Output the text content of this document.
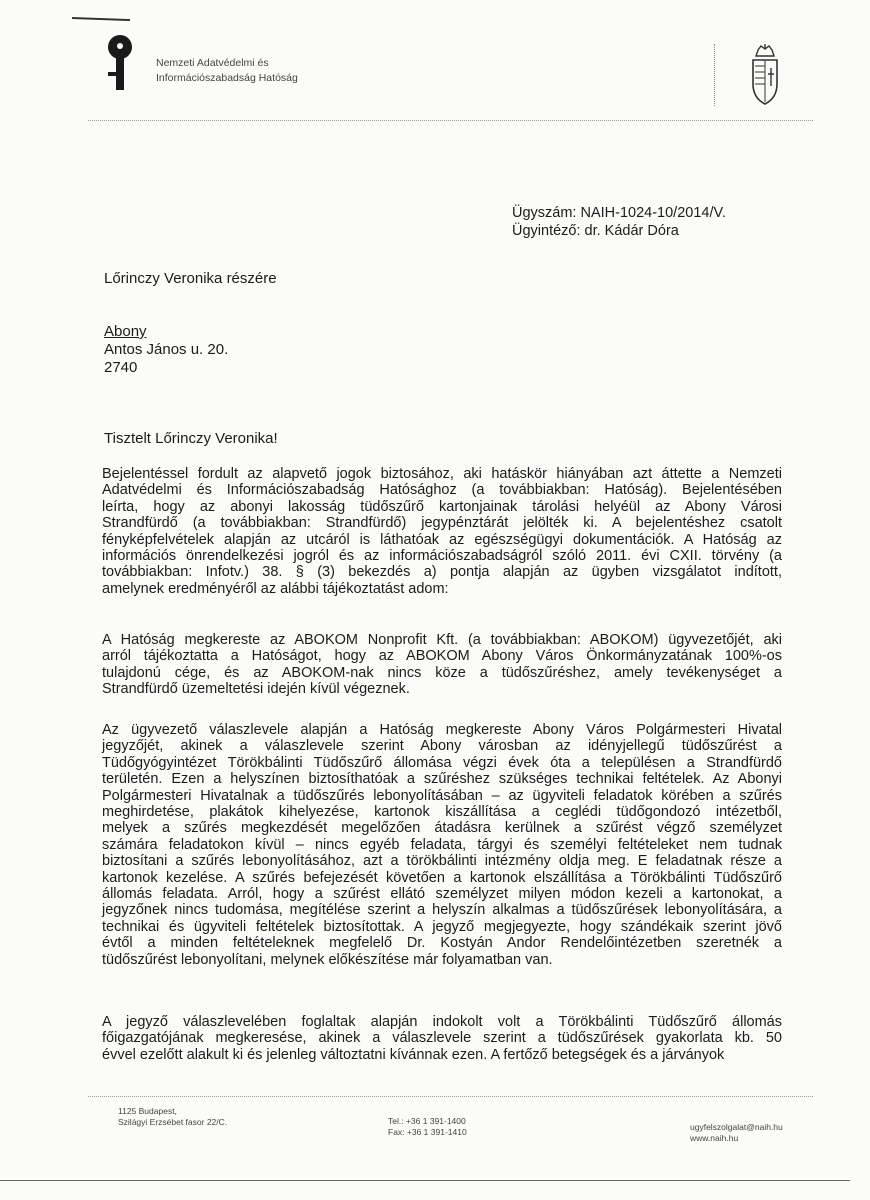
Nemzeti Adatvédelmi és
Információszabadság Hatóság
Ügyszám: NAIH-1024-10/2014/V.
Ügyintéző: dr. Kádár Dóra
Lőrinczy Veronika részére
Abony
Antos János u. 20.
2740
Tisztelt Lőrinczy Veronika!
Bejelentéssel fordult az alapvető jogok biztosához, aki hatáskör hiányában azt áttette a Nemzeti
Adatvédelmi és Információszabadság Hatósághoz (a továbbiakban: Hatóság). Bejelentésében
leírta, hogy az abonyi lakosság tüdőszűrő kartonjainak tárolási helyéül az Abony Városi
Strandfürdő (a továbbiakban: Strandfürdő) jegypénztárát jelölték ki. A bejelentéshez csatolt
fényképfelvételek alapján az utcáról is láthatóak az egészségügyi dokumentációk. A Hatóság az
információs önrendelkezési jogról és az információszabadságról szóló 2011. évi CXII. törvény (a
továbbiakban: Infotv.) 38. § (3) bekezdés a) pontja alapján az ügyben vizsgálatot indított,
amelynek eredményéről az alábbi tájékoztatást adom:
A Hatóság megkereste az ABOKOM Nonprofit Kft. (a továbbiakban: ABOKOM) ügyvezetőjét, aki
arról tájékoztatta a Hatóságot, hogy az ABOKOM Abony Város Önkormányzatának 100%-os
tulajdonú cége, és az ABOKOM-nak nincs köze a tüdőszűréshez, amely tevékenységet a
Strandfürdő üzemeltetési idején kívül végeznek.
Az ügyvezető válaszlevele alapján a Hatóság megkereste Abony Város Polgármesteri Hivatal
jegyzőjét, akinek a válaszlevele szerint Abony városban az idényjellegű tüdőszűrést a
Tüdőgyógyintézet Törökbálinti Tüdőszűrő állomása végzi évek óta a településen a Strandfürdő
területén. Ezen a helyszínen biztosíthatóak a szűréshez szükséges technikai feltételek. Az Abonyi
Polgármesteri Hivatalnak a tüdőszűrés lebonyolításában – az ügyviteli feladatok körében a szűrés
meghirdetése, plakátok kihelyezése, kartonok kiszállítása a ceglédi tüdőgondozó intézetből,
melyek a szűrés megkezdését megelőzően átadásra kerülnek a szűrést végző személyzet
számára feladatokon kívül – nincs egyéb feladata, tárgyi és személyi feltételeket nem tudnak
biztosítani a szűrés lebonyolításához, azt a törökbálinti intézmény oldja meg. E feladatnak része a
kartonok kezelése. A szűrés befejezését követően a kartonok elszállítása a Törökbálinti Tüdőszűrő
állomás feladata. Arról, hogy a szűrést ellátó személyzet milyen módon kezeli a kartonokat, a
jegyzőnek nincs tudomása, megítélése szerint a helyszín alkalmas a tüdőszűrések lebonyolítására, a
technikai és ügyviteli feltételek biztosítottak. A jegyző megjegyezte, hogy szándékaik szerint jövő
évtől a minden feltételeknek megfelelő Dr. Kostyán Andor Rendelőintézetben szeretnék a
tüdőszűrést lebonyolítani, melynek előkészítése már folyamatban van.
A jegyző válaszlevelében foglaltak alapján indokolt volt a Törökbálinti Tüdőszűrő állomás
főigazgatójának megkeresése, akinek a válaszlevele szerint a tüdőszűrések gyakorlata kb. 50
évvel ezelőtt alakult ki és jelenleg változtatni kívánnak ezen. A fertőző betegségek és a járványok
1125 Budapest,
Szilágyi Erzsébet fasor 22/C.	Tel.: +36 1 391-1400
Fax: +36 1 391-1410	ugyfelszolgalat@naih.hu
www.naih.hu
